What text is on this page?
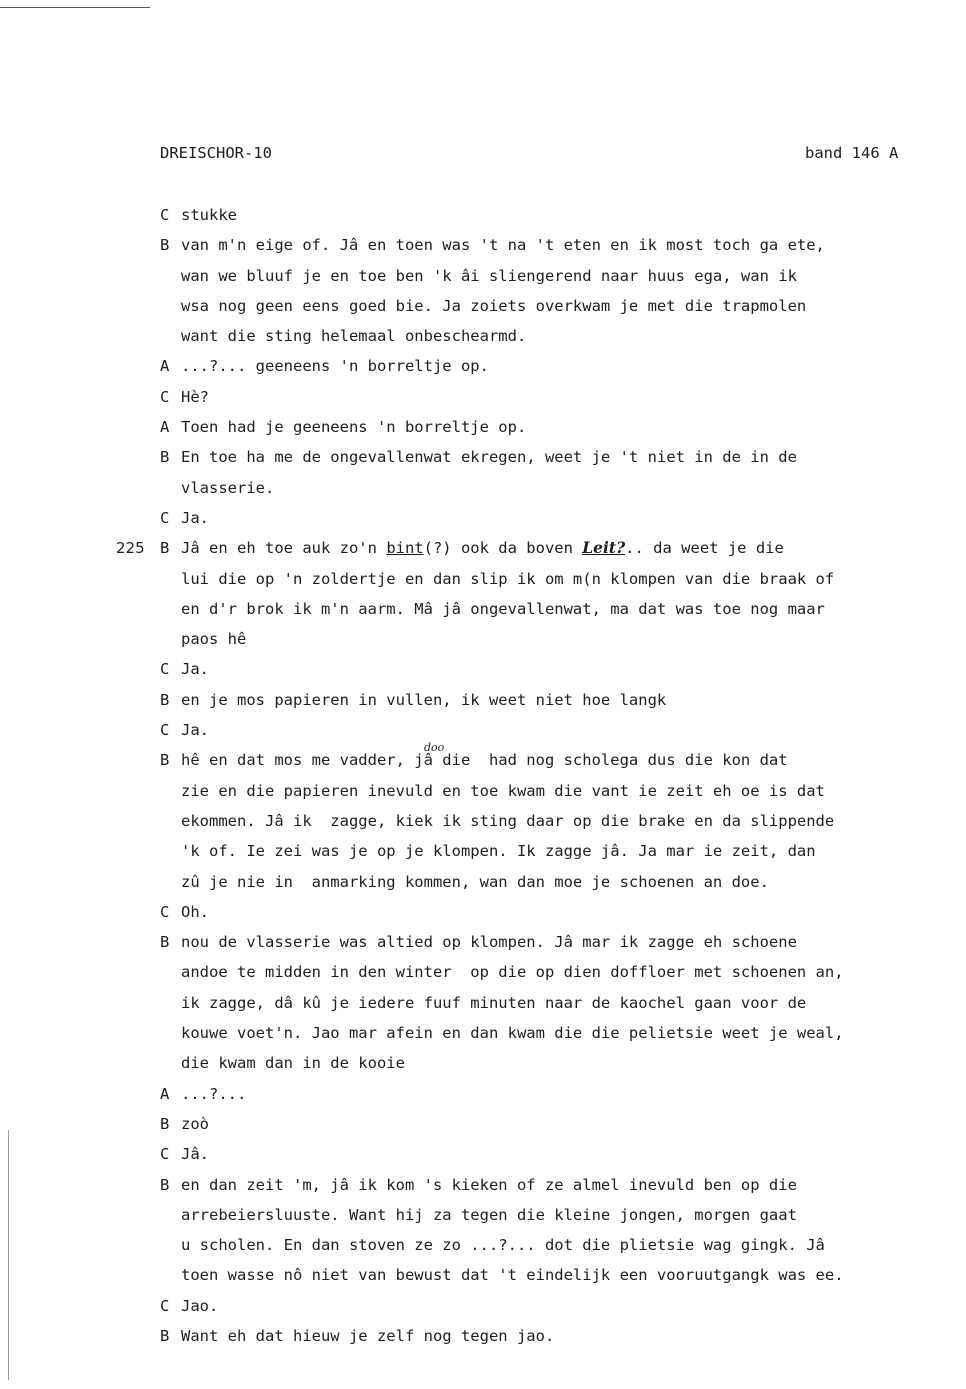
DREISCHOR-10	band 146 A
C stukke
B van m'n eige of. Jâ en toen was 't na 't eten en ik most toch ga ete,
wan we bluuf je en toe ben 'k âi sliengerend naar huus ega, wan ik
wsa nog geen eens goed bie. Ja zoiets overkwam je met die trapmolen
want die sting helemaal onbeschearmd.
A ...?... geeneens 'n borreltje op.
C Hè?
A Toen had je geeneens 'n borreltje op.
B En toe ha me de ongevallenwat ekregen, weet je 't niet in de in de
vlasserie.
C Ja.
225 B Jâ en eh toe auk zo'n bint(?) ook da boven Leit?.. da weet je die
lui die op 'n zoldertje en dan slip ik om m(n klompen van die braak of
en d'r brok ik m'n aarm. Mâ jâ ongevallenwat, ma dat was toe nog maar
paos hê
C Ja.
B en je mos papieren in vullen, ik weet niet hoe langk
C Ja.
B hê en dat mos me vadder, jâ die  had nog scholega dus die kon dat
zie en die papieren inevuld en toe kwam die vant ie zeit eh oe is dat
ekommen. Jâ ik  zagge, kiek ik sting daar op die brake en da slippende
'k of. Ie zei was je op je klompen. Ik zagge jâ. Ja mar ie zeit, dan
zû je nie in  anmarking kommen, wan dan moe je schoenen an doe.
C Oh.
B nou de vlasserie was altied op klompen. Jâ mar ik zagge eh schoene
andoe te midden in den winter  op die op dien doffloer met schoenen an,
ik zagge, dâ kû je iedere fuuf minuten naar de kaochel gaan voor de
kouwe voet'n. Jao mar afein en dan kwam die die pelietsie weet je weal,
die kwam dan in de kooie
A ...?...
B zoò
C Jâ.
B en dan zeit 'm, jâ ik kom 's kieken of ze almel inevuld ben op die
arrebeiersluuste. Want hij za tegen die kleine jongen, morgen gaat
u scholen. En dan stoven ze zo ...?... dot die plietsie wag gingk. Jâ
toen wasse nô niet van bewust dat 't eindelijk een vooruutgangk was ee.
C Jao.
B Want eh dat hieuw je zelf nog tegen jao.
doo
